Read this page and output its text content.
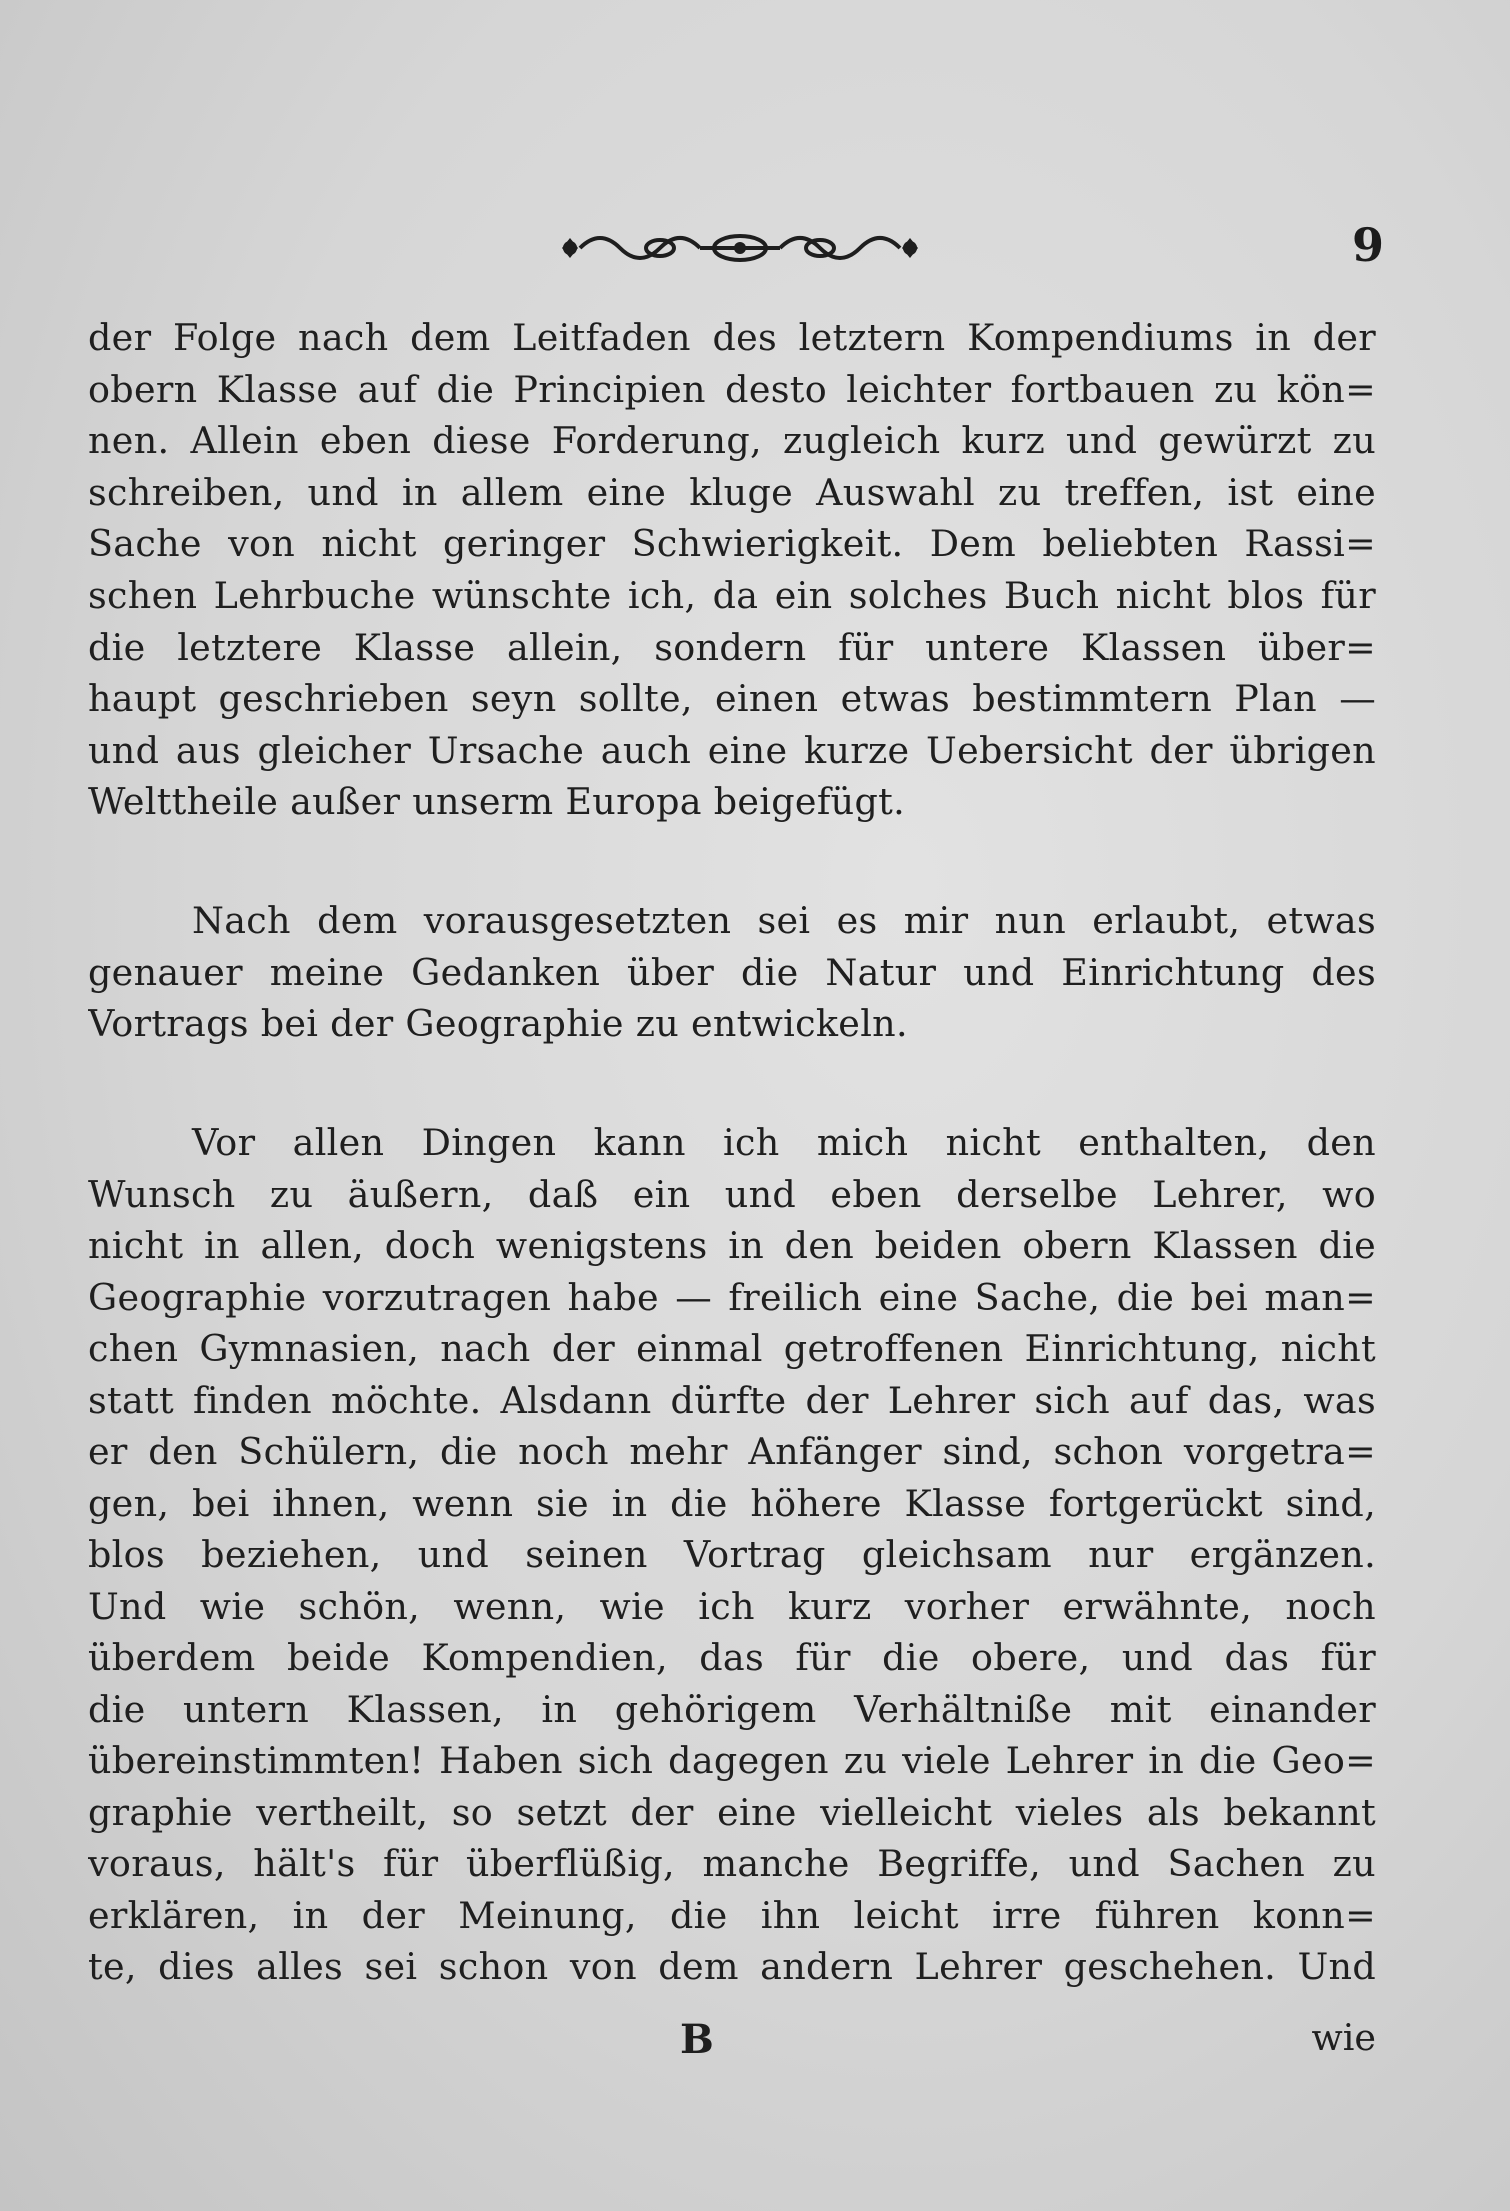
9
der Folge nach dem Leitfaden des letztern Kompendiums in der
obern Klasse auf die Principien desto leichter fortbauen zu kön=
nen. Allein eben diese Forderung, zugleich kurz und gewürzt zu
schreiben, und in allem eine kluge Auswahl zu treffen, ist eine
Sache von nicht geringer Schwierigkeit. Dem beliebten Rassi=
schen Lehrbuche wünschte ich, da ein solches Buch nicht blos für
die letztere Klasse allein, sondern für untere Klassen über=
haupt geschrieben seyn sollte, einen etwas bestimmtern Plan —
und aus gleicher Ursache auch eine kurze Uebersicht der übrigen
Welttheile außer unserm Europa beigefügt.
Nach dem vorausgesetzten sei es mir nun erlaubt, etwas
genauer meine Gedanken über die Natur und Einrichtung des
Vortrags bei der Geographie zu entwickeln.
Vor allen Dingen kann ich mich nicht enthalten, den
Wunsch zu äußern, daß ein und eben derselbe Lehrer, wo
nicht in allen, doch wenigstens in den beiden obern Klassen die
Geographie vorzutragen habe — freilich eine Sache, die bei man=
chen Gymnasien, nach der einmal getroffenen Einrichtung, nicht
statt finden möchte. Alsdann dürfte der Lehrer sich auf das, was
er den Schülern, die noch mehr Anfänger sind, schon vorgetra=
gen, bei ihnen, wenn sie in die höhere Klasse fortgerückt sind,
blos beziehen, und seinen Vortrag gleichsam nur ergänzen.
Und wie schön, wenn, wie ich kurz vorher erwähnte, noch
überdem beide Kompendien, das für die obere, und das für
die untern Klassen, in gehörigem Verhältniße mit einander
übereinstimmten! Haben sich dagegen zu viele Lehrer in die Geo=
graphie vertheilt, so setzt der eine vielleicht vieles als bekannt
voraus, hält's für überflüßig, manche Begriffe, und Sachen zu
erklären, in der Meinung, die ihn leicht irre führen konn=
te, dies alles sei schon von dem andern Lehrer geschehen. Und
B	wie
